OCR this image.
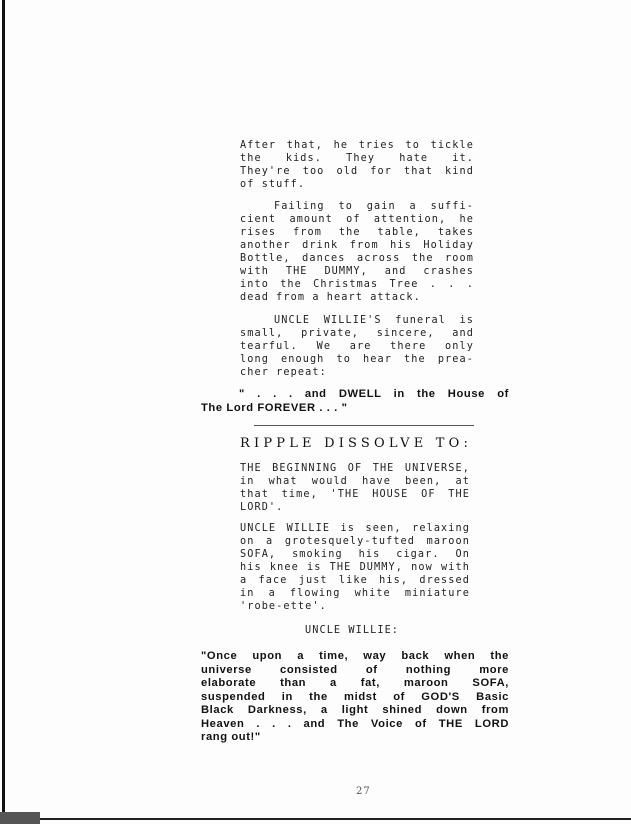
After that, he tries to tickle
the kids. They hate it.
They're too old for that kind
of stuff.
Failing to gain a suffi-
cient amount of attention, he
rises from the table, takes
another drink from his Holiday
Bottle, dances across the room
with THE DUMMY, and crashes
into the Christmas Tree . . .
dead from a heart attack.
UNCLE WILLIE'S funeral is
small, private, sincere, and
tearful. We are there only
long enough to hear the prea-
cher repeat:
" . . . and DWELL in the House of
The Lord FOREVER . . . "
RIPPLE DISSOLVE TO:
THE BEGINNING OF THE UNIVERSE,
in what would have been, at
that time, 'THE HOUSE OF THE
LORD'.
UNCLE WILLIE is seen, relaxing
on a grotesquely-tufted maroon
SOFA, smoking his cigar. On
his knee is THE DUMMY, now with
a face just like his, dressed
in a flowing white miniature
'robe-ette'.
UNCLE WILLIE:
"Once upon a time, way back when the
universe consisted of nothing more
elaborate than a fat, maroon SOFA,
suspended in the midst of GOD'S Basic
Black Darkness, a light shined down from
Heaven . . . and The Voice of THE LORD
rang out!"
27
